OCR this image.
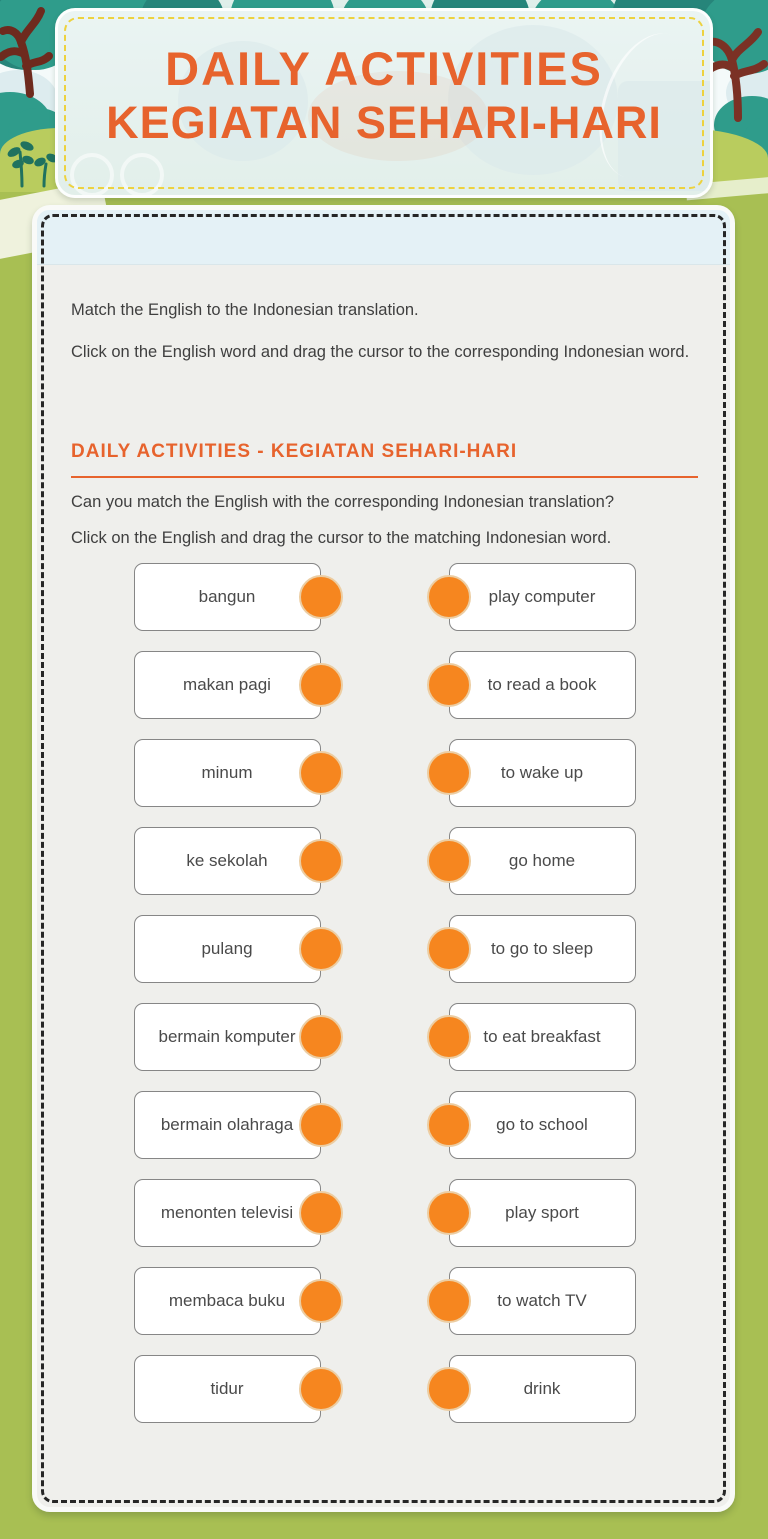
DAILY ACTIVITIES
KEGIATAN SEHARI-HARI

Match the English to the Indonesian translation.

Click on the English word and drag the cursor to the corresponding Indonesian word.

DAILY ACTIVITIES - KEGIATAN SEHARI-HARI

Can you match the English with the corresponding Indonesian translation?

Click on the English and drag the cursor to the matching Indonesian word.

bangun	play computer
makan pagi	to read a book
minum	to wake up
ke sekolah	go home
pulang	to go to sleep
bermain komputer	to eat breakfast
bermain olahraga	go to school
menonten televisi	play sport
membaca buku	to watch TV
tidur	drink
